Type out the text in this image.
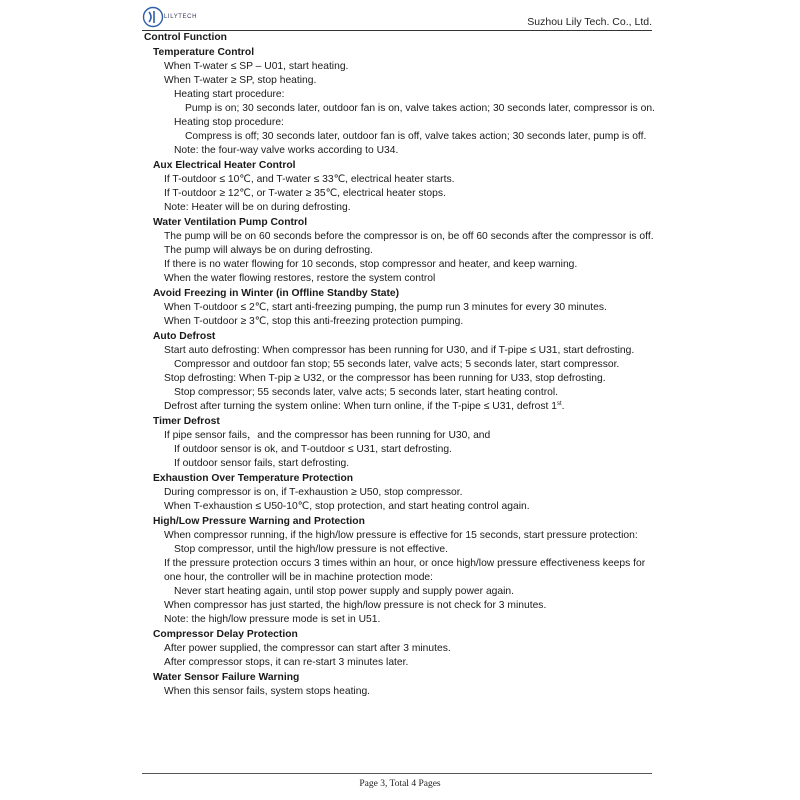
LILYTECH	Suzhou Lily Tech. Co., Ltd.
Control Function
Temperature Control
When T-water ≤ SP – U01, start heating.
When T-water ≥ SP, stop heating.
Heating start procedure:
Pump is on; 30 seconds later, outdoor fan is on, valve takes action; 30 seconds later, compressor is on.
Heating stop procedure:
Compress is off; 30 seconds later, outdoor fan is off, valve takes action; 30 seconds later, pump is off.
Note: the four-way valve works according to U34.
Aux Electrical Heater Control
If T-outdoor ≤ 10℃, and T-water ≤ 33℃, electrical heater starts.
If T-outdoor ≥ 12℃, or T-water ≥ 35℃, electrical heater stops.
Note: Heater will be on during defrosting.
Water Ventilation Pump Control
The pump will be on 60 seconds before the compressor is on, be off 60 seconds after the compressor is off.
The pump will always be on during defrosting.
If there is no water flowing for 10 seconds, stop compressor and heater, and keep warning.
When the water flowing restores, restore the system control
Avoid Freezing in Winter (in Offline Standby State)
When T-outdoor ≤ 2℃, start anti-freezing pumping, the pump run 3 minutes for every 30 minutes.
When T-outdoor ≥ 3℃, stop this anti-freezing protection pumping.
Auto Defrost
Start auto defrosting: When compressor has been running for U30, and if T-pipe ≤ U31, start defrosting.
Compressor and outdoor fan stop; 55 seconds later, valve acts; 5 seconds later, start compressor.
Stop defrosting: When T-pip ≥ U32, or the compressor has been running for U33, stop defrosting.
Stop compressor; 55 seconds later, valve acts; 5 seconds later, start heating control.
Defrost after turning the system online: When turn online, if the T-pipe ≤ U31, defrost 1st.
Timer Defrost
If pipe sensor fails，and the compressor has been running for U30, and
If outdoor sensor is ok, and T-outdoor ≤ U31, start defrosting.
If outdoor sensor fails, start defrosting.
Exhaustion Over Temperature Protection
During compressor is on, if T-exhaustion ≥ U50, stop compressor.
When T-exhaustion ≤ U50-10℃, stop protection, and start heating control again.
High/Low Pressure Warning and Protection
When compressor running, if the high/low pressure is effective for 15 seconds, start pressure protection:
Stop compressor, until the high/low pressure is not effective.
If the pressure protection occurs 3 times within an hour, or once high/low pressure effectiveness keeps for
one hour, the controller will be in machine protection mode:
Never start heating again, until stop power supply and supply power again.
When compressor has just started, the high/low pressure is not check for 3 minutes.
Note: the high/low pressure mode is set in U51.
Compressor Delay Protection
After power supplied, the compressor can start after 3 minutes.
After compressor stops, it can re-start 3 minutes later.
Water Sensor Failure Warning
When this sensor fails, system stops heating.
Page 3, Total 4 Pages
